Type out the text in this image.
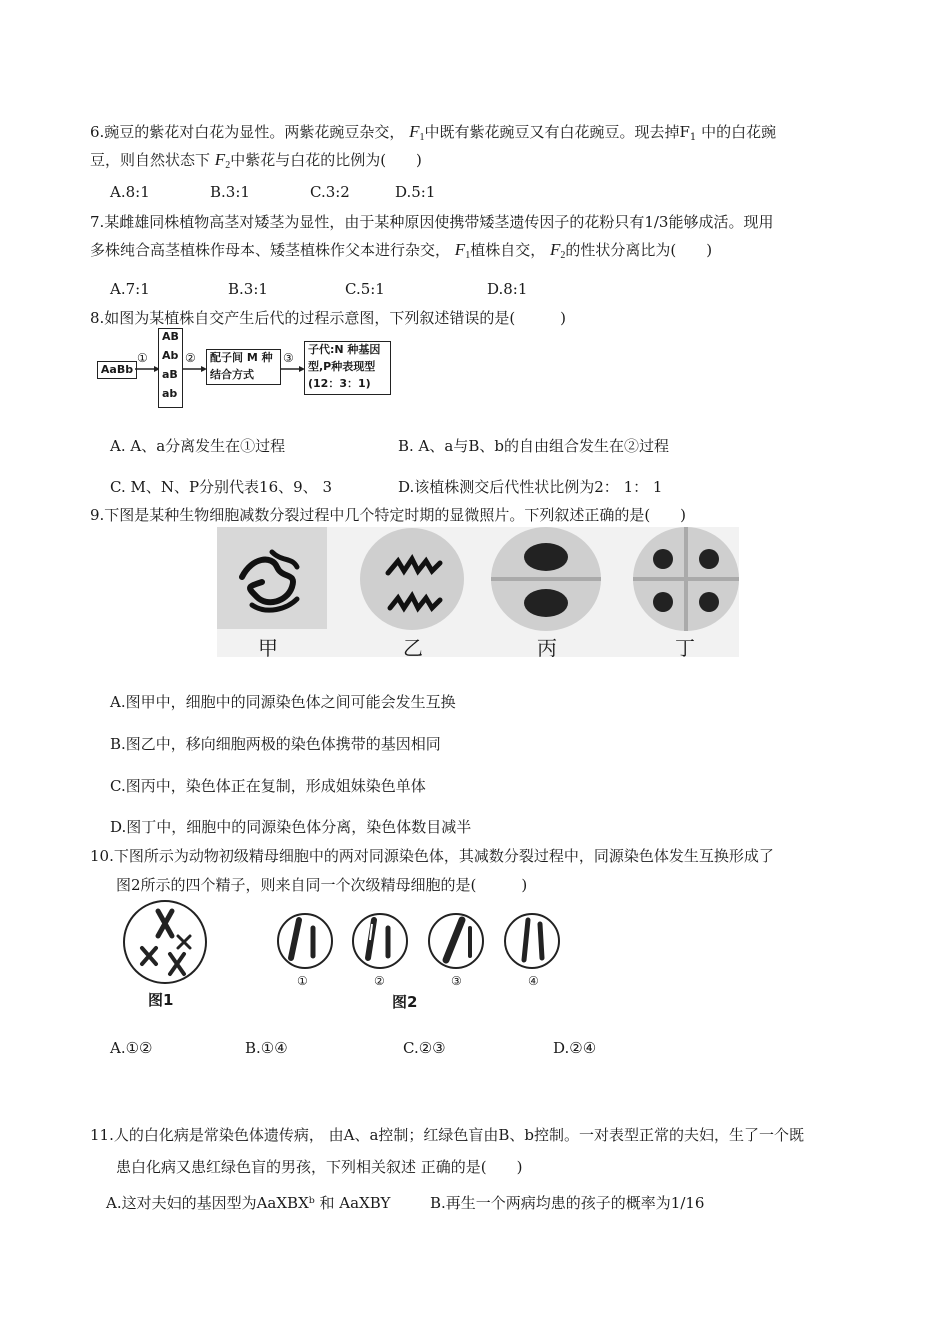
6.豌豆的紫花对白花为显性。两紫花豌豆杂交， $F_1$中既有紫花豌豆又有白花豌豆。现去掉$F_1$ 中的白花豌
豆，则自然状态下 $F_2$中紫花与白花的比例为(　　)
A.8:1	B.3:1	C.3:2	D.5:1
7.某雌雄同株植物高茎对矮茎为显性，由于某种原因使携带矮茎遗传因子的花粉只有1/3能够成活。现用
多株纯合高茎植株作母本、矮茎植株作父本进行杂交， $F_1$植株自交， $F_2$的性状分离比为(　　)
A.7:1	B.3:1	C.5:1	D.8:1
8.如图为某植株自交产生后代的过程示意图，下列叙述错误的是(　　　)
AaBb
①
AB
Ab
aB
ab
② 配子间 M 种
结合方式
③
子代:N 种基因
型,P种表现型
(12：3：1)
A. A、a分离发生在①过程	B. A、a与B、b的自由组合发生在②过程
C. M、N、P分别代表16、9、 3	D.该植株测交后代性状比例为2： 1： 1
9.下图是某种生物细胞减数分裂过程中几个特定时期的显微照片。下列叙述正确的是(　　)
甲	乙	丙	丁
A.图甲中，细胞中的同源染色体之间可能会发生互换
B.图乙中，移向细胞两极的染色体携带的基因相同
C.图丙中，染色体正在复制，形成姐妹染色单体
D.图丁中，细胞中的同源染色体分离，染色体数目减半
10.下图所示为动物初级精母细胞中的两对同源染色体，其减数分裂过程中，同源染色体发生互换形成了
图2所示的四个精子，则来自同一个次级精母细胞的是(　　　)
图1
①	②
图2
③	④
A.①②	B.①④	C.②③	D.②④
11.人的白化病是常染色体遗传病， 由A、a控制；红绿色盲由B、b控制。一对表型正常的夫妇，生了一个既
患白化病又患红绿色盲的男孩，下列相关叙述 正确的是(　　)
A.这对夫妇的基因型为AaXBXᵇ 和 AaXBY	B.再生一个两病均患的孩子的概率为1/16
